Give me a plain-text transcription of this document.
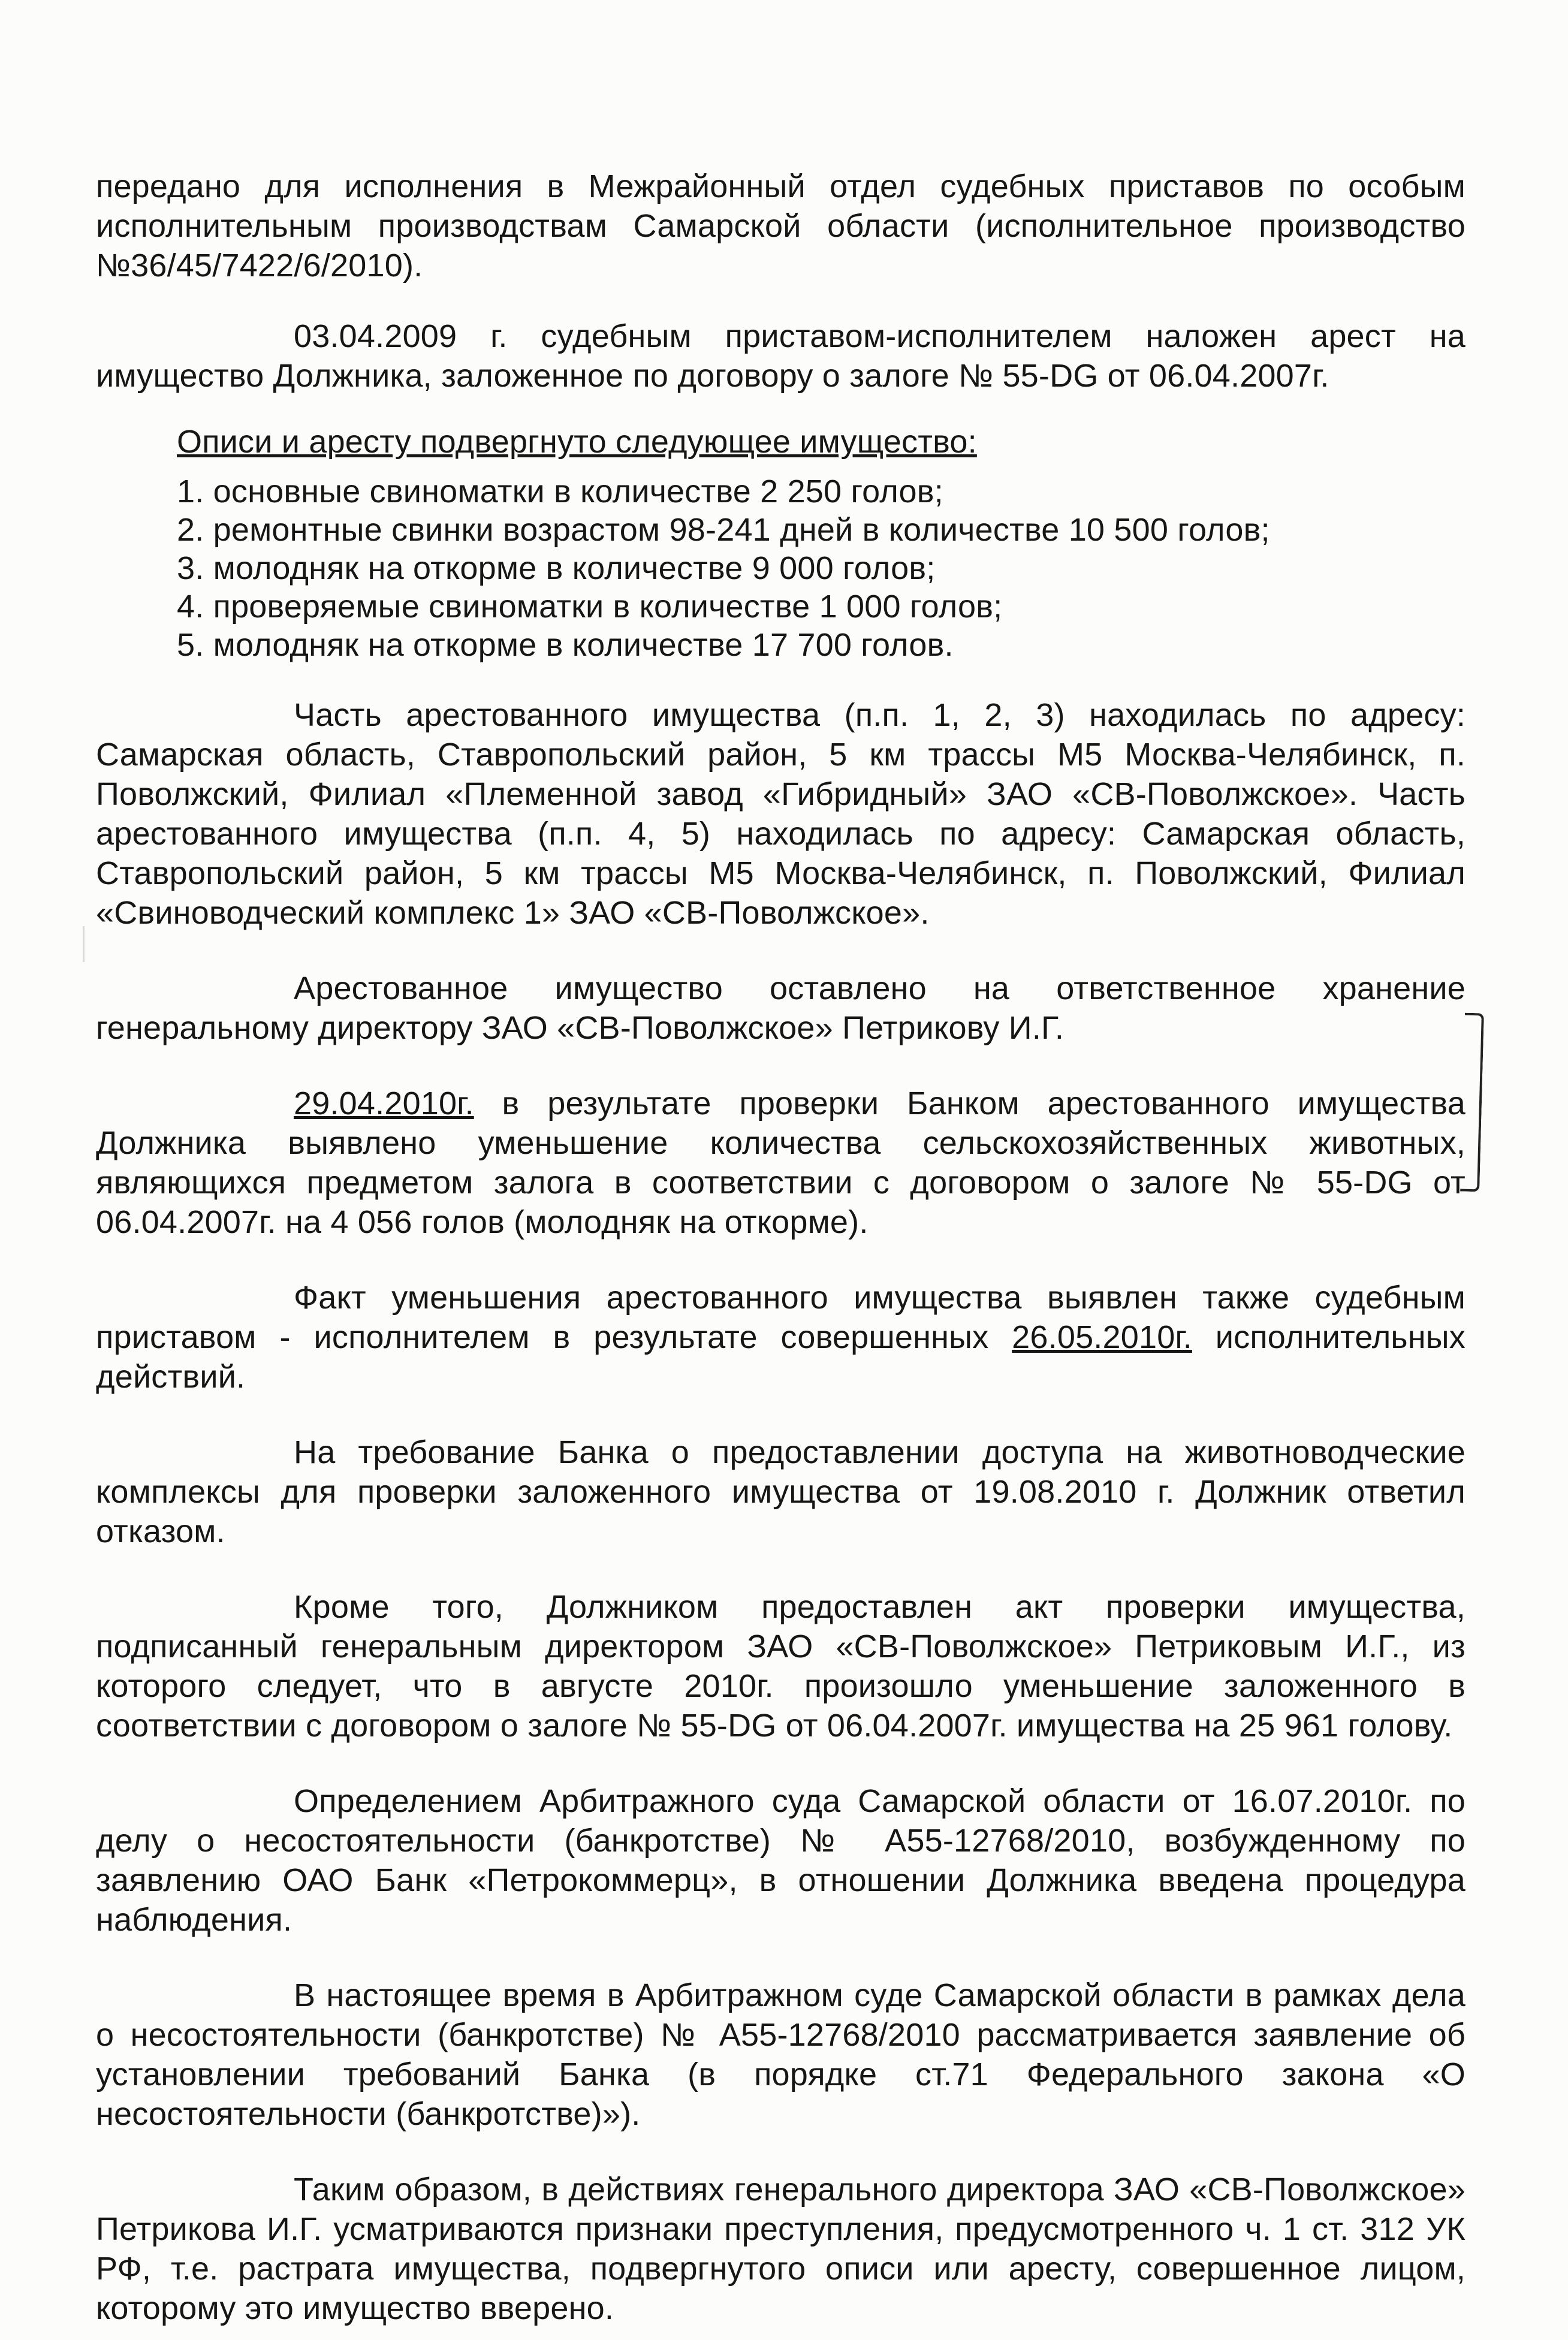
передано для исполнения в Межрайонный отдел судебных приставов по особым исполнительным производствам Самарской области (исполнительное производство №36/45/7422/6/2010).

03.04.2009 г. судебным приставом-исполнителем наложен арест на имущество Должника, заложенное по договору о залоге № 55-DG от 06.04.2007г.

Описи и аресту подвергнуто следующее имущество:
1. основные свиноматки в количестве 2 250 голов;
2. ремонтные свинки возрастом 98-241 дней в количестве 10 500 голов;
3. молодняк на откорме в количестве 9 000 голов;
4. проверяемые свиноматки в количестве 1 000 голов;
5. молодняк на откорме в количестве 17 700 голов.

Часть арестованного имущества (п.п. 1, 2, 3) находилась по адресу: Самарская область, Ставропольский район, 5 км трассы М5 Москва-Челябинск, п. Поволжский, Филиал «Племенной завод «Гибридный» ЗАО «СВ-Поволжское». Часть арестованного имущества (п.п. 4, 5) находилась по адресу: Самарская область, Ставропольский район, 5 км трассы М5 Москва-Челябинск, п. Поволжский, Филиал «Свиноводческий комплекс 1» ЗАО «СВ-Поволжское».

Арестованное имущество оставлено на ответственное хранение генеральному директору ЗАО «СВ-Поволжское» Петрикову И.Г.

29.04.2010г. в результате проверки Банком арестованного имущества Должника выявлено уменьшение количества сельскохозяйственных животных, являющихся предметом залога в соответствии с договором о залоге № 55-DG от 06.04.2007г. на 4 056 голов (молодняк на откорме).

Факт уменьшения арестованного имущества выявлен также судебным приставом - исполнителем в результате совершенных 26.05.2010г. исполнительных действий.

На требование Банка о предоставлении доступа на животноводческие комплексы для проверки заложенного имущества от 19.08.2010 г. Должник ответил отказом.

Кроме того, Должником предоставлен акт проверки имущества, подписанный генеральным директором ЗАО «СВ-Поволжское» Петриковым И.Г., из которого следует, что в августе 2010г. произошло уменьшение заложенного в соответствии с договором о залоге № 55-DG от 06.04.2007г. имущества на 25 961 голову.

Определением Арбитражного суда Самарской области от 16.07.2010г. по делу о несостоятельности (банкротстве) № А55-12768/2010, возбужденному по заявлению ОАО Банк «Петрокоммерц», в отношении Должника введена процедура наблюдения.

В настоящее время в Арбитражном суде Самарской области в рамках дела о несостоятельности (банкротстве) № А55-12768/2010 рассматривается заявление об установлении требований Банка (в порядке ст.71 Федерального закона «О несостоятельности (банкротстве)»).

Таким образом, в действиях генерального директора ЗАО «СВ-Поволжское» Петрикова И.Г. усматриваются признаки преступления, предусмотренного ч. 1 ст. 312 УК РФ, т.е. растрата имущества, подвергнутого описи или аресту, совершенное лицом, которому это имущество вверено.
